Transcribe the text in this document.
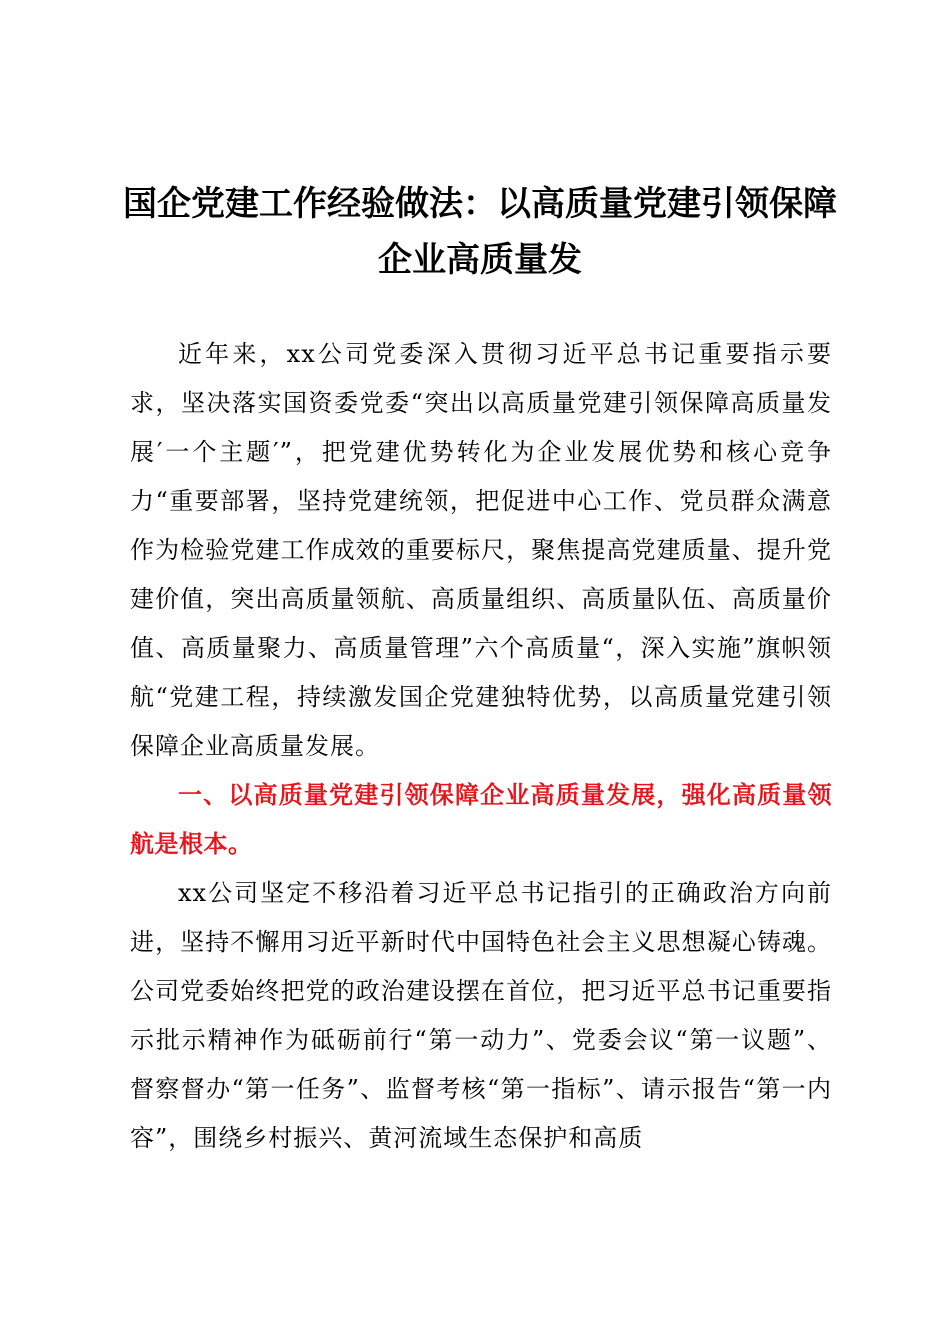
国企党建工作经验做法：以高质量党建引领保障企业高质量发

近年来，xx公司党委深入贯彻习近平总书记重要指示要求，坚决落实国资委党委“突出以高质量党建引领保障高质量发展′一个主题′”，把党建优势转化为企业发展优势和核心竞争力“重要部署，坚持党建统领，把促进中心工作、党员群众满意作为检验党建工作成效的重要标尺，聚焦提高党建质量、提升党建价值，突出高质量领航、高质量组织、高质量队伍、高质量价值、高质量聚力、高质量管理”六个高质量“，深入实施”旗帜领航“党建工程，持续激发国企党建独特优势，以高质量党建引领保障企业高质量发展。

一、以高质量党建引领保障企业高质量发展，强化高质量领航是根本。

xx公司坚定不移沿着习近平总书记指引的正确政治方向前进，坚持不懈用习近平新时代中国特色社会主义思想凝心铸魂。公司党委始终把党的政治建设摆在首位，把习近平总书记重要指示批示精神作为砥砺前行“第一动力”、党委会议“第一议题”、督察督办“第一任务”、监督考核“第一指标”、请示报告“第一内容”，围绕乡村振兴、黄河流域生态保护和高质
